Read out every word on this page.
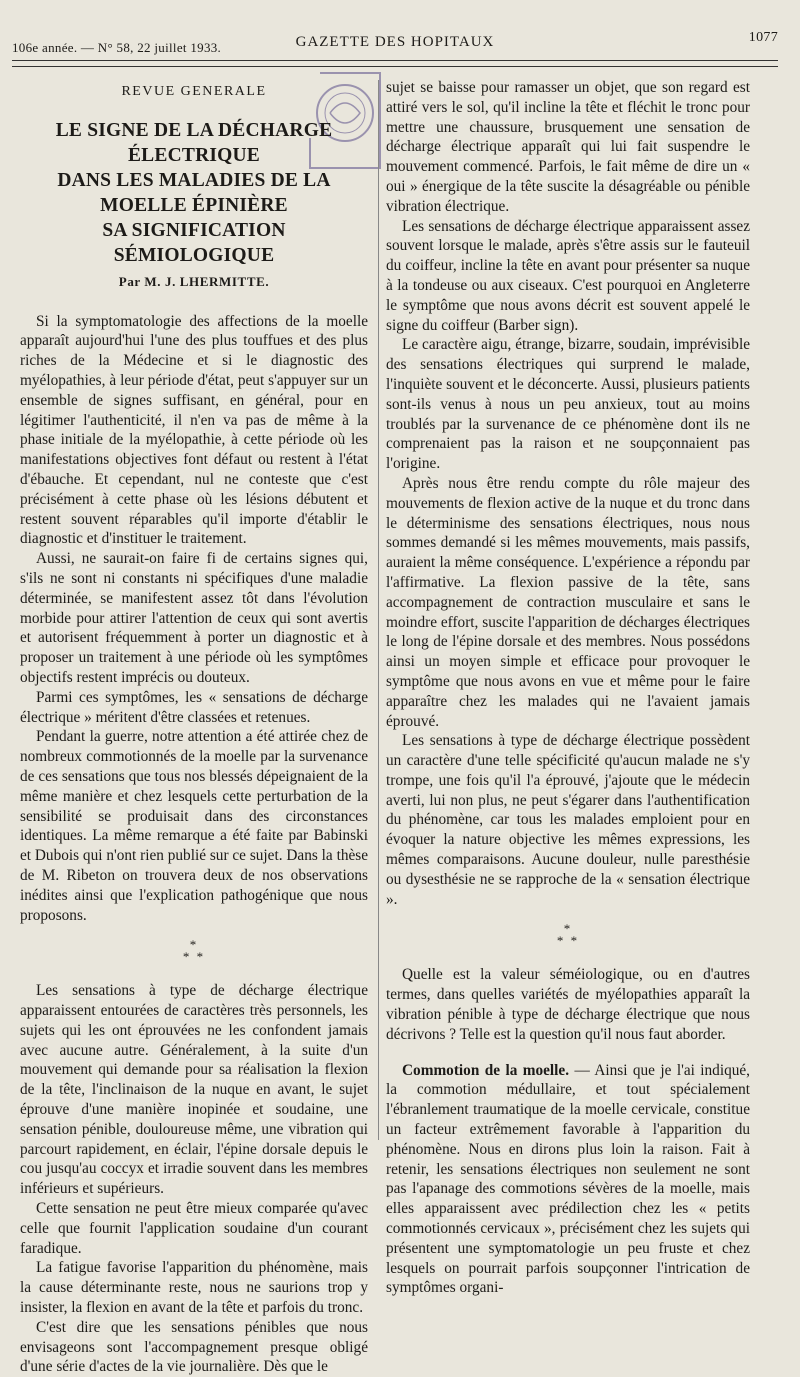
106e année. — N° 58, 22 juillet 1933.	GAZETTE DES HOPITAUX	1077
REVUE GENERALE
LE SIGNE DE LA DÉCHARGE ÉLECTRIQUE
DANS LES MALADIES DE LA MOELLE ÉPINIÈRE
SA SIGNIFICATION SÉMIOLOGIQUE
Par M. J. LHERMITTE.

Si la symptomatologie des affections de la moelle apparaît aujourd'hui l'une des plus touffues et des plus riches de la Médecine et si le diagnostic des myélopathies, à leur période d'état, peut s'appuyer sur un ensemble de signes suffisant, en général, pour en légitimer l'authenticité, il n'en va pas de même à la phase initiale de la myélopathie, à cette période où les manifestations objectives font défaut ou restent à l'état d'ébauche. Et cependant, nul ne conteste que c'est précisément à cette phase où les lésions débutent et restent souvent réparables qu'il importe d'établir le diagnostic et d'instituer le traitement.

Aussi, ne saurait-on faire fi de certains signes qui, s'ils ne sont ni constants ni spécifiques d'une maladie déterminée, se manifestent assez tôt dans l'évolution morbide pour attirer l'attention de ceux qui sont avertis et autorisent fréquemment à porter un diagnostic et à proposer un traitement à une période où les symptômes objectifs restent imprécis ou douteux.

Parmi ces symptômes, les « sensations de décharge électrique » méritent d'être classées et retenues.

Pendant la guerre, notre attention a été attirée chez de nombreux commotionnés de la moelle par la survenance de ces sensations que tous nos blessés dépeignaient de la même manière et chez lesquels cette perturbation de la sensibilité se produisait dans des circonstances identiques. La même remarque a été faite par Babinski et Dubois qui n'ont rien publié sur ce sujet. Dans la thèse de M. Ribeton on trouvera deux de nos observations inédites ainsi que l'explication pathogénique que nous proposons.

*
* *

Les sensations à type de décharge électrique apparaissent entourées de caractères très personnels, les sujets qui les ont éprouvées ne les confondent jamais avec aucune autre. Généralement, à la suite d'un mouvement qui demande pour sa réalisation la flexion de la tête, l'inclinaison de la nuque en avant, le sujet éprouve d'une manière inopinée et soudaine, une sensation pénible, douloureuse même, une vibration qui parcourt rapidement, en éclair, l'épine dorsale depuis le cou jusqu'au coccyx et irradie souvent dans les membres inférieurs et supérieurs.

Cette sensation ne peut être mieux comparée qu'avec celle que fournit l'application soudaine d'un courant faradique.

La fatigue favorise l'apparition du phénomène, mais la cause déterminante reste, nous ne saurions trop y insister, la flexion en avant de la tête et parfois du tronc.

C'est dire que les sensations pénibles que nous envisageons sont l'accompagnement presque obligé d'une série d'actes de la vie journalière. Dès que le

sujet se baisse pour ramasser un objet, que son regard est attiré vers le sol, qu'il incline la tête et fléchit le tronc pour mettre une chaussure, brusquement une sensation de décharge électrique apparaît qui lui fait suspendre le mouvement commencé. Parfois, le fait même de dire un « oui » énergique de la tête suscite la désagréable ou pénible vibration électrique.

Les sensations de décharge électrique apparaissent assez souvent lorsque le malade, après s'être assis sur le fauteuil du coiffeur, incline la tête en avant pour présenter sa nuque à la tondeuse ou aux ciseaux. C'est pourquoi en Angleterre le symptôme que nous avons décrit est souvent appelé le signe du coiffeur (Barber sign).

Le caractère aigu, étrange, bizarre, soudain, imprévisible des sensations électriques qui surprend le malade, l'inquiète souvent et le déconcerte. Aussi, plusieurs patients sont-ils venus à nous un peu anxieux, tout au moins troublés par la survenance de ce phénomène dont ils ne comprenaient pas la raison et ne soupçonnaient pas l'origine.

Après nous être rendu compte du rôle majeur des mouvements de flexion active de la nuque et du tronc dans le déterminisme des sensations électriques, nous nous sommes demandé si les mêmes mouvements, mais passifs, auraient la même conséquence. L'expérience a répondu par l'affirmative. La flexion passive de la tête, sans accompagnement de contraction musculaire et sans le moindre effort, suscite l'apparition de décharges électriques le long de l'épine dorsale et des membres. Nous possédons ainsi un moyen simple et efficace pour provoquer le symptôme que nous avons en vue et même pour le faire apparaître chez les malades qui ne l'avaient jamais éprouvé.

Les sensations à type de décharge électrique possèdent un caractère d'une telle spécificité qu'aucun malade ne s'y trompe, une fois qu'il l'a éprouvé, j'ajoute que le médecin averti, lui non plus, ne peut s'égarer dans l'authentification du phénomène, car tous les malades emploient pour en évoquer la nature objective les mêmes expressions, les mêmes comparaisons. Aucune douleur, nulle paresthésie ou dysesthésie ne se rapproche de la « sensation électrique ».

*
* *

Quelle est la valeur séméiologique, ou en d'autres termes, dans quelles variétés de myélopathies apparaît la vibration pénible à type de décharge électrique que nous décrivons ? Telle est la question qu'il nous faut aborder.

Commotion de la moelle. — Ainsi que je l'ai indiqué, la commotion médullaire, et tout spécialement l'ébranlement traumatique de la moelle cervicale, constitue un facteur extrêmement favorable à l'apparition du phénomène. Nous en dirons plus loin la raison. Fait à retenir, les sensations électriques non seulement ne sont pas l'apanage des commotions sévères de la moelle, mais elles apparaissent avec prédilection chez les « petits commotionnés cervicaux », précisément chez les sujets qui présentent une symptomatologie un peu fruste et chez lesquels on pourrait parfois soupçonner l'intrication de symptômes organi-
